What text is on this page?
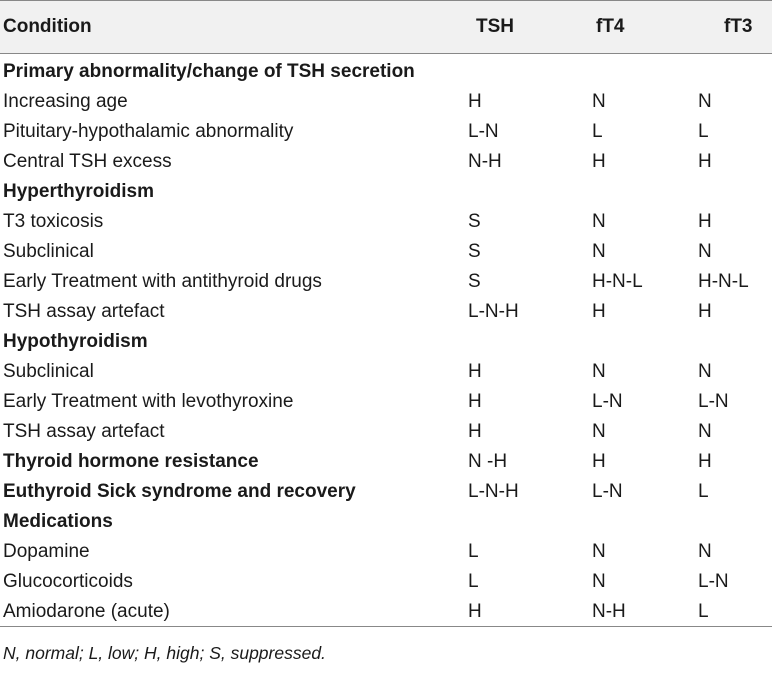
Condition	TSH	fT4	fT3
Primary abnormality/change of TSH secretion
Increasing age	H	N	N
Pituitary-hypothalamic abnormality	L-N	L	L
Central TSH excess	N-H	H	H
Hyperthyroidism
T3 toxicosis	S	N	H
Subclinical	S	N	N
Early Treatment with antithyroid drugs	S	H-N-L	H-N-L
TSH assay artefact	L-N-H	H	H
Hypothyroidism
Subclinical	H	N	N
Early Treatment with levothyroxine	H	L-N	L-N
TSH assay artefact	H	N	N
Thyroid hormone resistance	N -H	H	H
Euthyroid Sick syndrome and recovery	L-N-H	L-N	L
Medications
Dopamine	L	N	N
Glucocorticoids	L	N	L-N
Amiodarone (acute)	H	N-H	L
N, normal; L, low; H, high; S, suppressed.
